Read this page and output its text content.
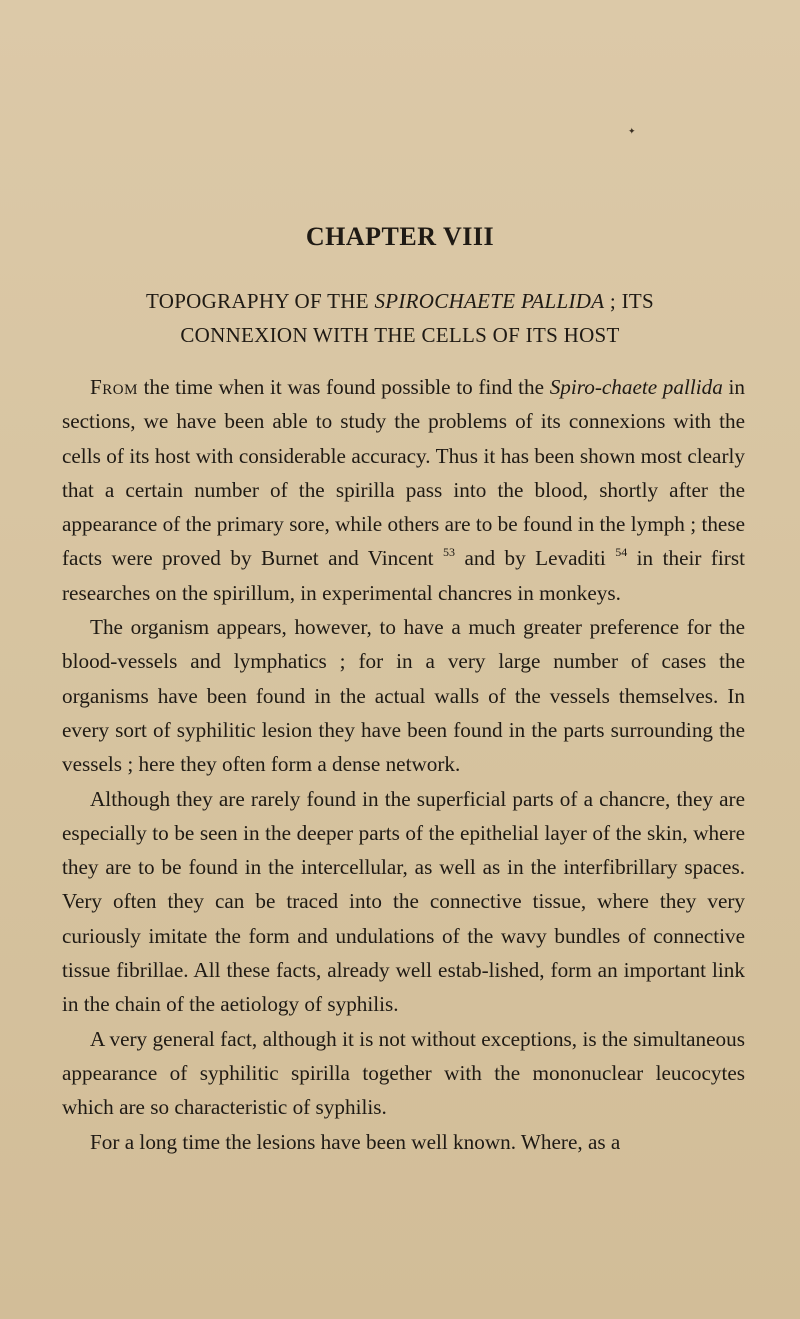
✦
CHAPTER VIII
TOPOGRAPHY OF THE SPIROCHAETE PALLIDA ; ITS
CONNEXION WITH THE CELLS OF ITS HOST

From the time when it was found possible to find the Spiro-chaete pallida in sections, we have been able to study the problems of its connexions with the cells of its host with considerable accuracy. Thus it has been shown most clearly that a certain number of the spirilla pass into the blood, shortly after the appearance of the primary sore, while others are to be found in the lymph ; these facts were proved by Burnet and Vincent $^{53}$ and by Levaditi $^{54}$ in their first researches on the spirillum, in experimental chancres in monkeys.

The organism appears, however, to have a much greater preference for the blood-vessels and lymphatics ; for in a very large number of cases the organisms have been found in the actual walls of the vessels themselves. In every sort of syphilitic lesion they have been found in the parts surrounding the vessels ; here they often form a dense network.

Although they are rarely found in the superficial parts of a chancre, they are especially to be seen in the deeper parts of the epithelial layer of the skin, where they are to be found in the intercellular, as well as in the interfibrillary spaces. Very often they can be traced into the connective tissue, where they very curiously imitate the form and undulations of the wavy bundles of connective tissue fibrillae. All these facts, already well estab-lished, form an important link in the chain of the aetiology of syphilis.

A very general fact, although it is not without exceptions, is the simultaneous appearance of syphilitic spirilla together with the mononuclear leucocytes which are so characteristic of syphilis.

For a long time the lesions have been well known. Where, as a
